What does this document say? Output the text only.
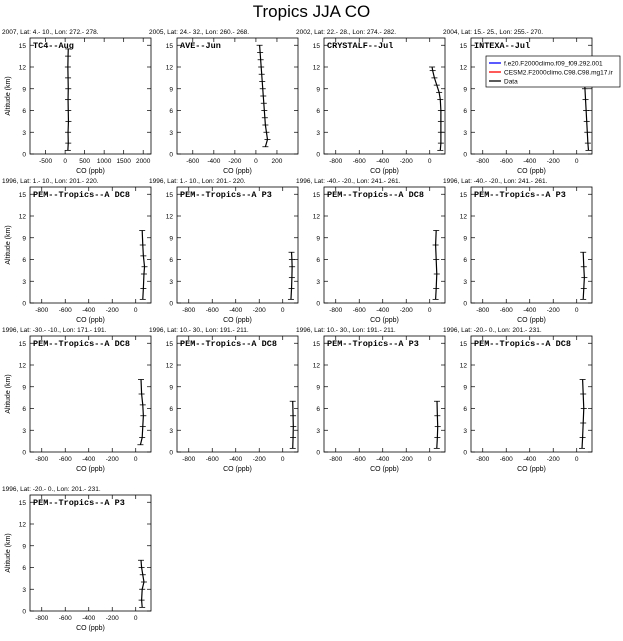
Tropics JJA CO
2007, Lat: 4.- 10., Lon: 272.- 278.
TC4--Aug
0
3
6
9
12
15
-500 0 500 1000 1500 2000
CO (ppb)
Altitude (km)
2005, Lat: 24.- 32., Lon: 260.- 268.
AVE--Jun
0
3
6
9
12
15
-600 -400 -200 0 200
CO (ppb)
2002, Lat: 22.- 28., Lon: 274.- 282.
CRYSTALF--Jul
0
3
6
9
12
15
-800 -600 -400 -200 0
CO (ppb)
2004, Lat: 15.- 25., Lon: 255.- 270.
INTEXA--Jul
0
3
6
9
12
15
-800 -600 -400 -200 0
CO (ppb)
1996, Lat: 1.- 10., Lon: 201.- 220.
PEM--Tropics--A DC8
0
3
6
9
12
15
-800 -600 -400 -200 0
CO (ppb)
Altitude (km)
1996, Lat: 1.- 10., Lon: 201.- 220.
PEM--Tropics--A P3
0
3
6
9
12
15
-800 -600 -400 -200 0
CO (ppb)
1996, Lat: -40.- -20., Lon: 241.- 261.
PEM--Tropics--A DC8
0
3
6
9
12
15
-800 -600 -400 -200 0
CO (ppb)
1996, Lat: -40.- -20., Lon: 241.- 261.
PEM--Tropics--A P3
0
3
6
9
12
15
-800 -600 -400 -200 0
CO (ppb)
1996, Lat: -30.- -10., Lon: 171.- 191.
PEM--Tropics--A DC8
0
3
6
9
12
15
-800 -600 -400 -200 0
CO (ppb)
Altitude (km)
1996, Lat: 10.- 30., Lon: 191.- 211.
PEM--Tropics--A DC8
0
3
6
9
12
15
-800 -600 -400 -200 0
CO (ppb)
1996, Lat: 10.- 30., Lon: 191.- 211.
PEM--Tropics--A P3
0
3
6
9
12
15
-800 -600 -400 -200 0
CO (ppb)
1996, Lat: -20.- 0., Lon: 201.- 231.
PEM--Tropics--A DC8
0
3
6
9
12
15
-800 -600 -400 -200 0
CO (ppb)
1996, Lat: -20.- 0., Lon: 201.- 231.
PEM--Tropics--A P3
0
3
6
9
12
15
-800 -600 -400 -200 0
CO (ppb)
Altitude (km)
f.e20.F2000climo.f09_f09.292.001
CESM2.F2000climo.C98.C98.mg17.ir
Data
